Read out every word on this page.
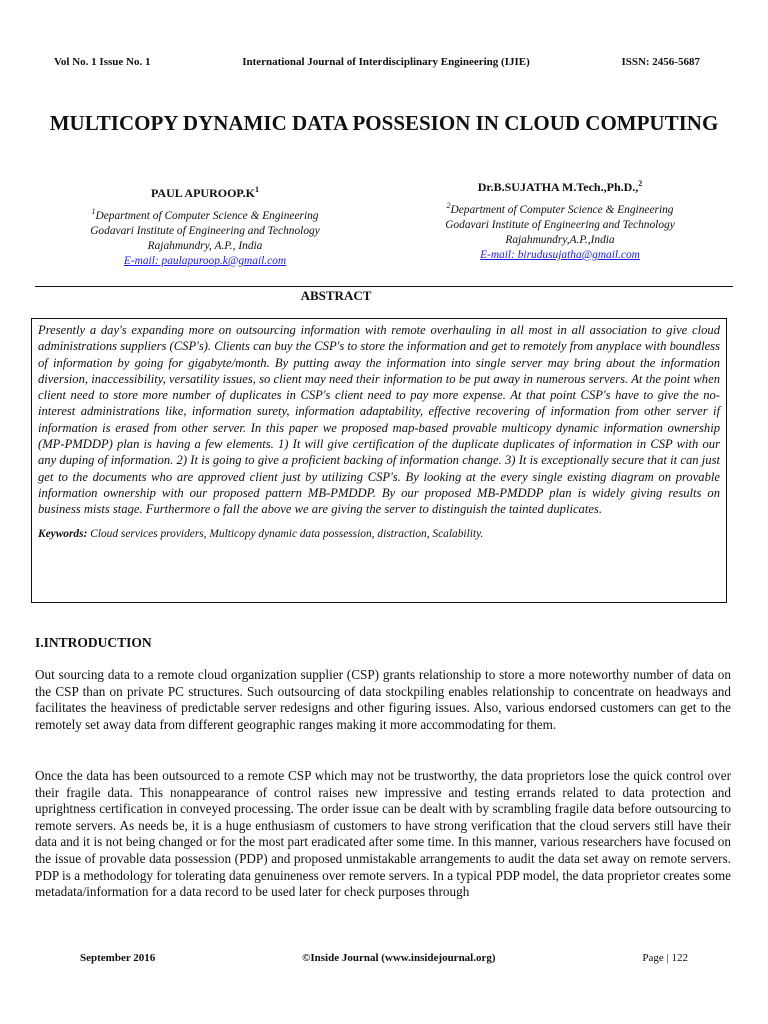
Vol No. 1 Issue No. 1	International Journal of Interdisciplinary Engineering (IJIE)	ISSN: 2456-5687
MULTICOPY DYNAMIC DATA POSSESION IN CLOUD COMPUTING
PAUL $APUROOP.K^1$
$^1$Department of Computer Science & Engineering
Godavari Institute of Engineering and Technology
Rajahmundry, A.P., India
E-mail: paulapuroop.k@gmail.com
Dr.B.SUJATHA M.Tech.,Ph.D.,$^2$
$^2$Department of Computer Science & Engineering
Godavari Institute of Engineering and Technology
Rajahmundry,A.P.,India
E-mail: birudusujatha@gmail.com
ABSTRACT

Presently a day's expanding more on outsourcing information with remote overhauling in all most in all association to give cloud administrations suppliers (CSP's). Clients can buy the CSP's to store the information and get to remotely from anyplace with boundless of information by going for gigabyte/month. By putting away the information into single server may bring about the information diversion, inaccessibility, versatility issues, so client may need their information to be put away in numerous servers. At the point when client need to store more number of duplicates in CSP's client need to pay more expense. At that point CSP's have to give the no-interest administrations like, information surety, information adaptability, effective recovering of information from other server if information is erased from other server. In this paper we proposed map-based provable multicopy dynamic information ownership (MP-PMDDP) plan is having a few elements. 1) It will give certification of the duplicate duplicates of information in CSP with our any duping of information. 2) It is going to give a proficient backing of information change. 3) It is exceptionally secure that it can just get to the documents who are approved client just by utilizing CSP's. By looking at the every single existing diagram on provable information ownership with our proposed pattern MB-PMDDP. By our proposed MB-PMDDP plan is widely giving results on business mists stage. Furthermore o fall the above we are giving the server to distinguish the tainted duplicates.

Keywords: Cloud services providers, Multicopy dynamic data possession, distraction, Scalability.
I.INTRODUCTION

Out sourcing data to a remote cloud organization supplier (CSP) grants relationship to store a more noteworthy number of data on the CSP than on private PC structures. Such outsourcing of data stockpiling enables relationship to concentrate on headways and facilitates the heaviness of predictable server redesigns and other figuring issues. Also, various endorsed customers can get to the remotely set away data from different geographic ranges making it more accommodating for them.

Once the data has been outsourced to a remote CSP which may not be trustworthy, the data proprietors lose the quick control over their fragile data. This nonappearance of control raises new impressive and testing errands related to data protection and uprightness certification in conveyed processing. The order issue can be dealt with by scrambling fragile data before outsourcing to remote servers. As needs be, it is a huge enthusiasm of customers to have strong verification that the cloud servers still have their data and it is not being changed or for the most part eradicated after some time. In this manner, various researchers have focused on the issue of provable data possession (PDP) and proposed unmistakable arrangements to audit the data set away on remote servers. PDP is a methodology for tolerating data genuineness over remote servers. In a typical PDP model, the data proprietor creates some metadata/information for a data record to be used later for check purposes through

September 2016	©Inside Journal (www.insidejournal.org)	Page | 122
